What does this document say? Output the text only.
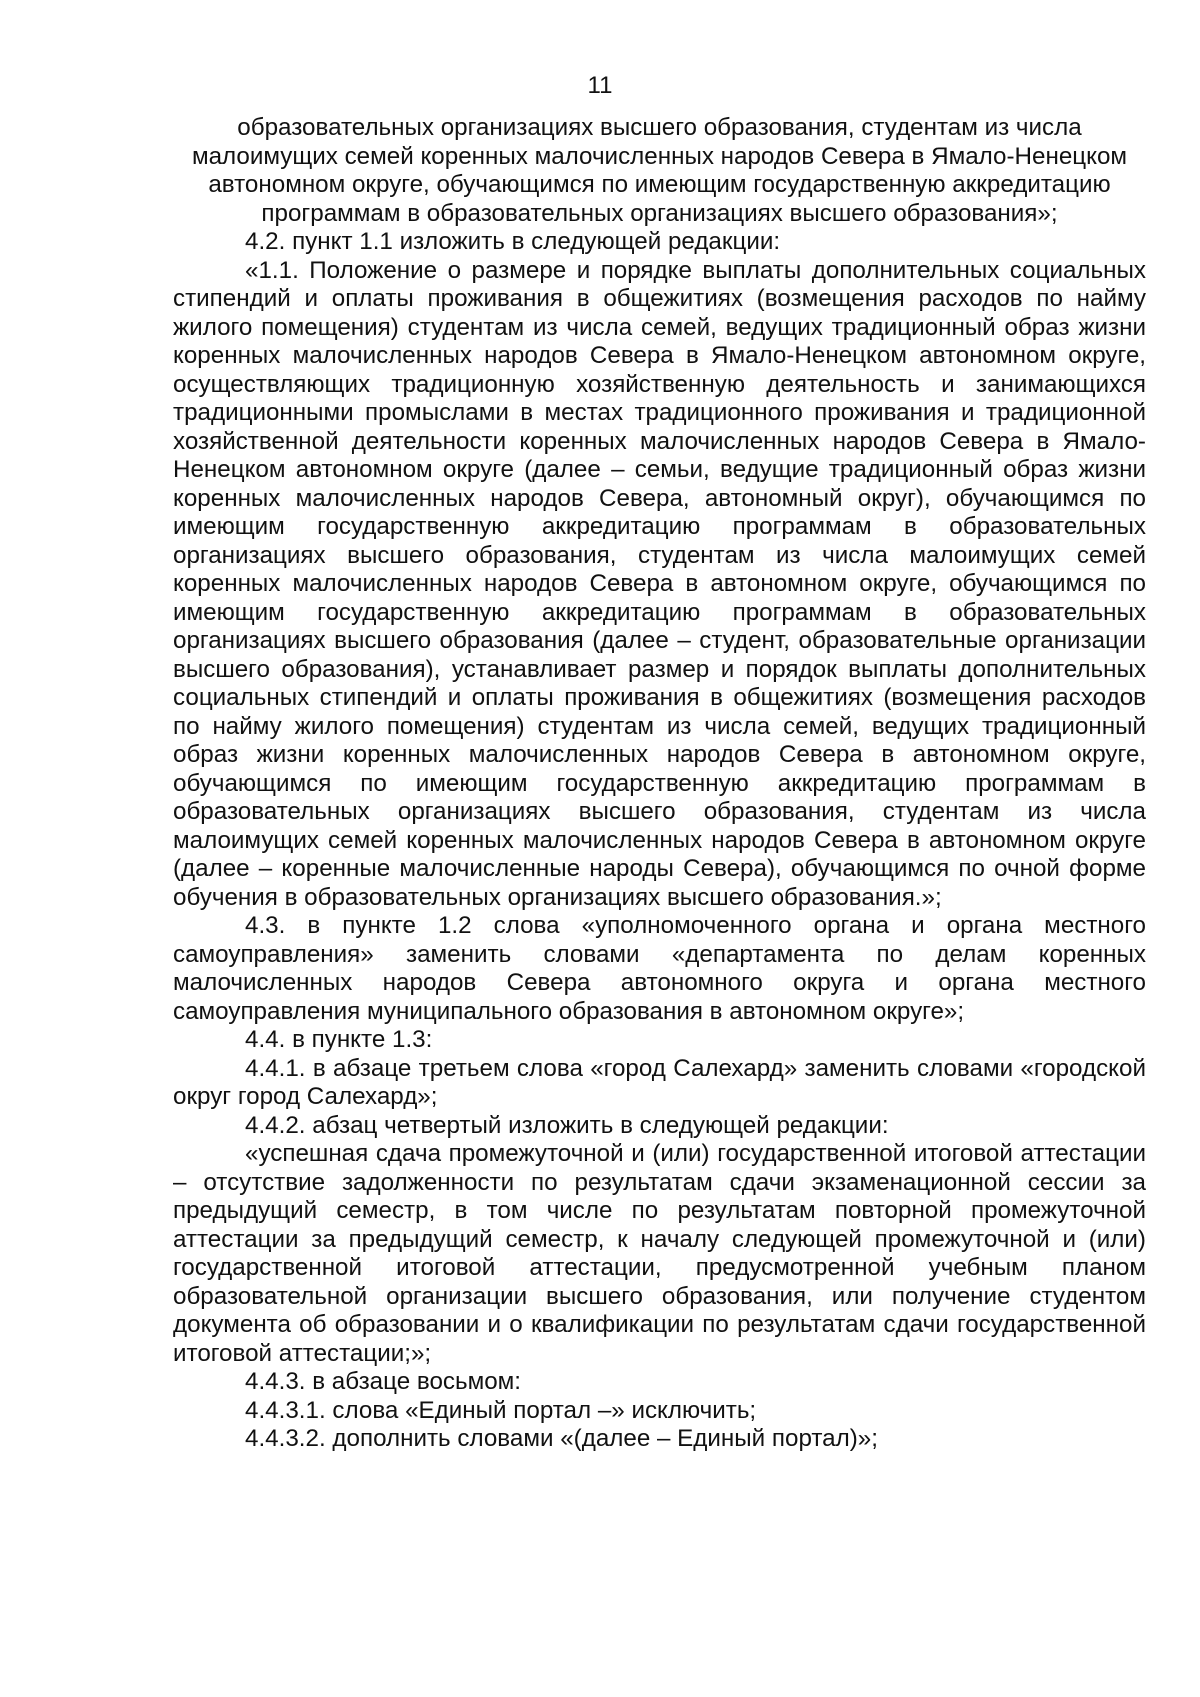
11

образовательных организациях высшего образования, студентам из числа малоимущих семей коренных малочисленных народов Севера в Ямало-Ненецком автономном округе, обучающимся по имеющим государственную аккредитацию программам в образовательных организациях высшего образования»;

4.2. пункт 1.1 изложить в следующей редакции:

«1.1. Положение о размере и порядке выплаты дополнительных социальных стипендий и оплаты проживания в общежитиях (возмещения расходов по найму жилого помещения) студентам из числа семей, ведущих традиционный образ жизни коренных малочисленных народов Севера в Ямало-Ненецком автономном округе, осуществляющих традиционную хозяйственную деятельность и занимающихся традиционными промыслами в местах традиционного проживания и традиционной хозяйственной деятельности коренных малочисленных народов Севера в Ямало-Ненецком автономном округе (далее – семьи, ведущие традиционный образ жизни коренных малочисленных народов Севера, автономный округ), обучающимся по имеющим государственную аккредитацию программам в образовательных организациях высшего образования, студентам из числа малоимущих семей коренных малочисленных народов Севера в автономном округе, обучающимся по имеющим государственную аккредитацию программам в образовательных организациях высшего образования (далее – студент, образовательные организации высшего образования), устанавливает размер и порядок выплаты дополнительных социальных стипендий и оплаты проживания в общежитиях (возмещения расходов по найму жилого помещения) студентам из числа семей, ведущих традиционный образ жизни коренных малочисленных народов Севера в автономном округе, обучающимся по имеющим государственную аккредитацию программам в образовательных организациях высшего образования, студентам из числа малоимущих семей коренных малочисленных народов Севера в автономном округе (далее – коренные малочисленные народы Севера), обучающимся по очной форме обучения в образовательных организациях высшего образования.»;

4.3. в пункте 1.2 слова «уполномоченного органа и органа местного самоуправления» заменить словами «департамента по делам коренных малочисленных народов Севера автономного округа и органа местного самоуправления муниципального образования в автономном округе»;

4.4. в пункте 1.3:

4.4.1. в абзаце третьем слова «город Салехард» заменить словами «городской округ город Салехард»;

4.4.2. абзац четвертый изложить в следующей редакции:

«успешная сдача промежуточной и (или) государственной итоговой аттестации – отсутствие задолженности по результатам сдачи экзаменационной сессии за предыдущий семестр, в том числе по результатам повторной промежуточной аттестации за предыдущий семестр, к началу следующей промежуточной и (или) государственной итоговой аттестации, предусмотренной учебным планом образовательной организации высшего образования, или получение студентом документа об образовании и о квалификации по результатам сдачи государственной итоговой аттестации;»;

4.4.3. в абзаце восьмом:

4.4.3.1. слова «Единый портал –» исключить;

4.4.3.2. дополнить словами «(далее – Единый портал)»;
